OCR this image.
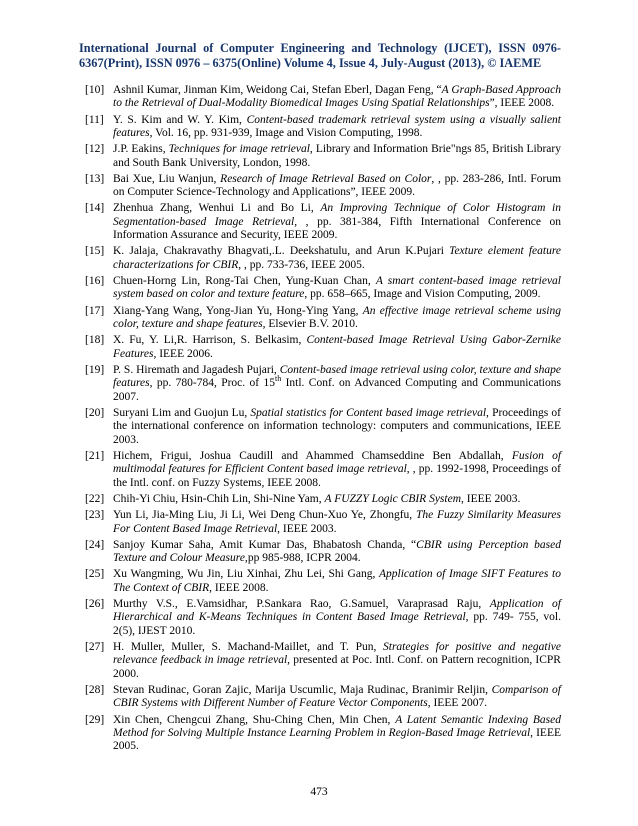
International Journal of Computer Engineering and Technology (IJCET), ISSN 0976-6367(Print), ISSN 0976 – 6375(Online) Volume 4, Issue 4, July-August (2013), © IAEME
[10] Ashnil Kumar, Jinman Kim, Weidong Cai, Stefan Eberl, Dagan Feng, “A Graph-Based Approach to the Retrieval of Dual-Modality Biomedical Images Using Spatial Relationships”, IEEE 2008.
[11] Y. S. Kim and W. Y. Kim, Content-based trademark retrieval system using a visually salient features, Vol. 16, pp. 931-939, Image and Vision Computing, 1998.
[12] J.P. Eakins, Techniques for image retrieval, Library and Information Brie"ngs 85, British Library and South Bank University, London, 1998.
[13] Bai Xue, Liu Wanjun, Research of Image Retrieval Based on Color, , pp. 283-286, Intl. Forum on Computer Science-Technology and Applications”, IEEE 2009.
[14] Zhenhua Zhang, Wenhui Li and Bo Li, An Improving Technique of Color Histogram in Segmentation-based Image Retrieval, , pp. 381-384, Fifth International Conference on Information Assurance and Security, IEEE 2009.
[15] K. Jalaja, Chakravathy Bhagvati,.L. Deekshatulu, and Arun K.Pujari Texture element feature characterizations for CBIR, , pp. 733-736, IEEE 2005.
[16] Chuen-Horng Lin, Rong-Tai Chen, Yung-Kuan Chan, A smart content-based image retrieval system based on color and texture feature, pp. 658–665, Image and Vision Computing, 2009.
[17] Xiang-Yang Wang, Yong-Jian Yu, Hong-Ying Yang, An effective image retrieval scheme using color, texture and shape features, Elsevier B.V. 2010.
[18] X. Fu, Y. Li,R. Harrison, S. Belkasim, Content-based Image Retrieval Using Gabor-Zernike Features, IEEE 2006.
[19] P. S. Hiremath and Jagadesh Pujari, Content-based image retrieval using color, texture and shape features, pp. 780-784, Proc. of 15th Intl. Conf. on Advanced Computing and Communications 2007.
[20] Suryani Lim and Guojun Lu, Spatial statistics for Content based image retrieval, Proceedings of the international conference on information technology: computers and communications, IEEE 2003.
[21] Hichem, Frigui, Joshua Caudill and Ahammed Chamseddine Ben Abdallah, Fusion of multimodal features for Efficient Content based image retrieval, , pp. 1992-1998, Proceedings of the Intl. conf. on Fuzzy Systems, IEEE 2008.
[22] Chih-Yi Chiu, Hsin-Chih Lin, Shi-Nine Yam, A FUZZY Logic CBIR System, IEEE 2003.
[23] Yun Li, Jia-Ming Liu, Ji Li, Wei Deng Chun-Xuo Ye, Zhongfu, The Fuzzy Similarity Measures For Content Based Image Retrieval, IEEE 2003.
[24] Sanjoy Kumar Saha, Amit Kumar Das, Bhabatosh Chanda, “CBIR using Perception based Texture and Colour Measure,pp 985-988, ICPR 2004.
[25] Xu Wangming, Wu Jin, Liu Xinhai, Zhu Lei, Shi Gang, Application of Image SIFT Features to The Context of CBIR, IEEE 2008.
[26] Murthy V.S., E.Vamsidhar, P.Sankara Rao, G.Samuel, Varaprasad Raju, Application of Hierarchical and K-Means Techniques in Content Based Image Retrieval, pp. 749- 755, vol. 2(5), IJEST 2010.
[27] H. Muller, Muller, S. Machand-Maillet, and T. Pun, Strategies for positive and negative relevance feedback in image retrieval, presented at Poc. Intl. Conf. on Pattern recognition, ICPR 2000.
[28] Stevan Rudinac, Goran Zajic, Marija Uscumlic, Maja Rudinac, Branimir Reljin, Comparison of CBIR Systems with Different Number of Feature Vector Components, IEEE 2007.
[29] Xin Chen, Chengcui Zhang, Shu-Ching Chen, Min Chen, A Latent Semantic Indexing Based Method for Solving Multiple Instance Learning Problem in Region-Based Image Retrieval, IEEE 2005.
473
